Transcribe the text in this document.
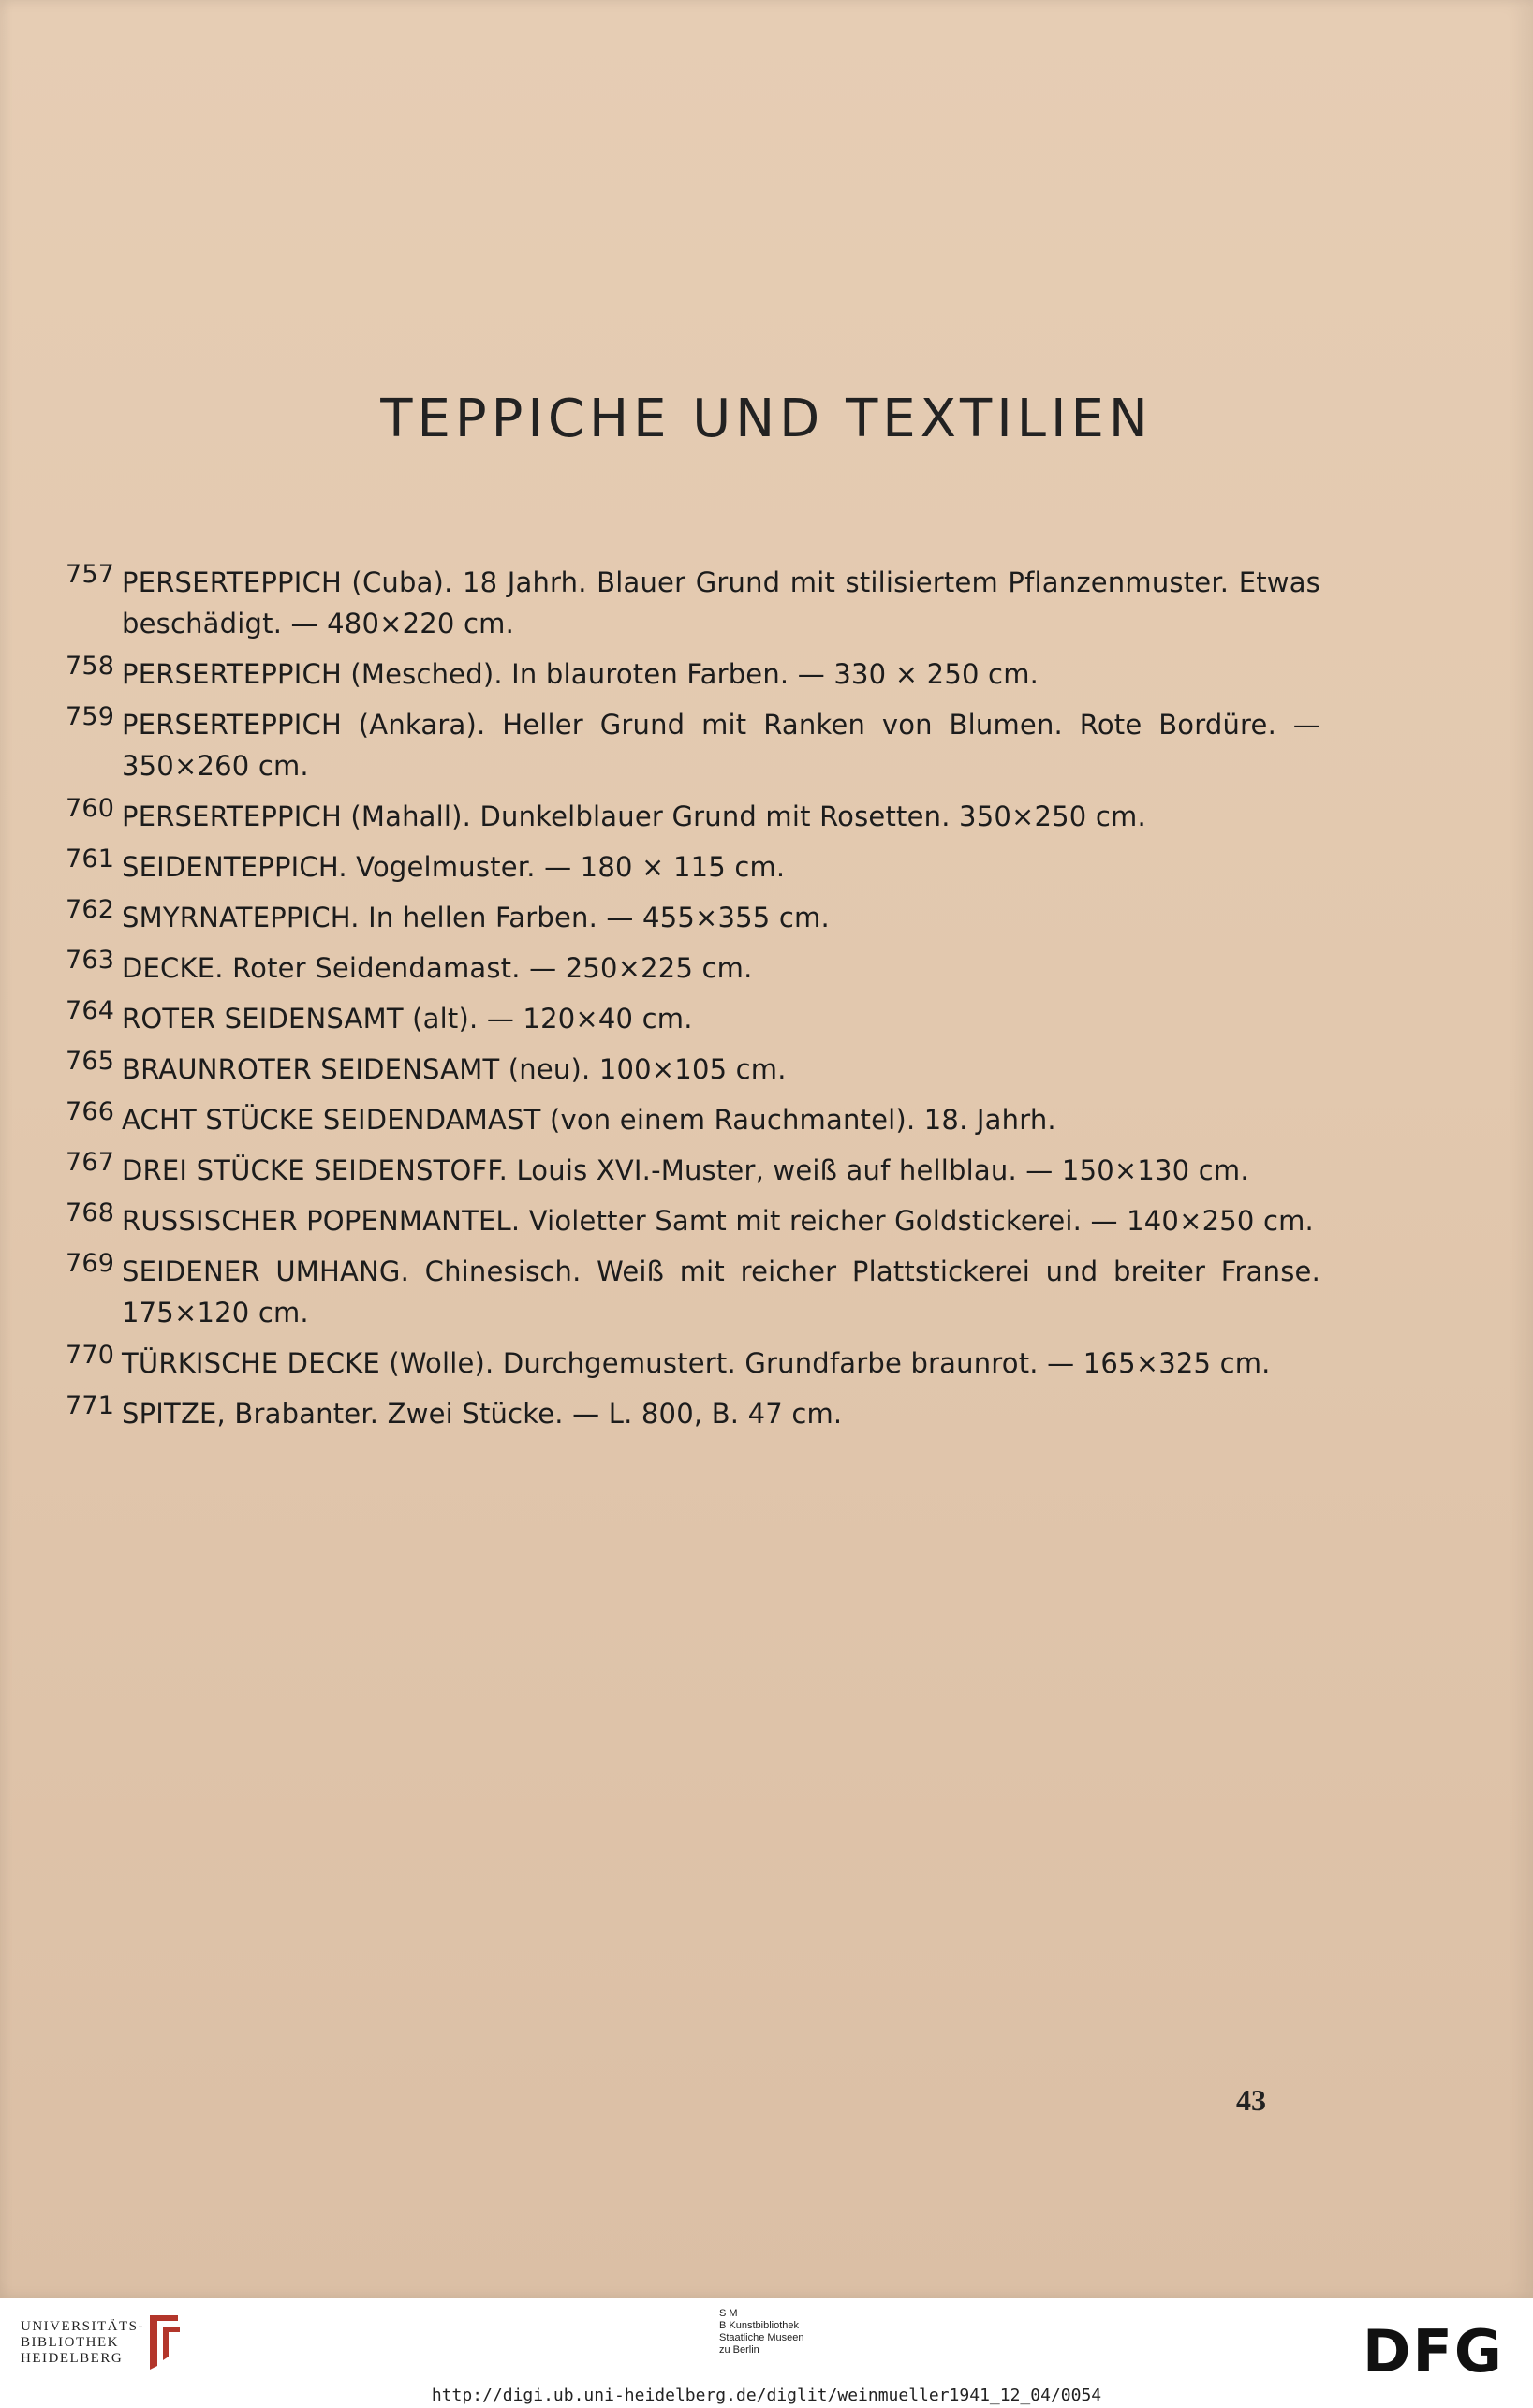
TEPPICHE UND TEXTILIEN
757 PERSERTEPPICH (Cuba). 18 Jahrh. Blauer Grund mit stilisiertem Pflanzenmuster. Etwas beschädigt. — 480×220 cm.
758 PERSERTEPPICH (Mesched). In blauroten Farben. — 330 × 250 cm.
759 PERSERTEPPICH (Ankara). Heller Grund mit Ranken von Blumen. Rote Bordüre. — 350×260 cm.
760 PERSERTEPPICH (Mahall). Dunkelblauer Grund mit Rosetten. 350×250 cm.
761 SEIDENTEPPICH. Vogelmuster. — 180 × 115 cm.
762 SMYRNATEPPICH. In hellen Farben. — 455×355 cm.
763 DECKE. Roter Seidendamast. — 250×225 cm.
764 ROTER SEIDENSAMT (alt). — 120×40 cm.
765 BRAUNROTER SEIDENSAMT (neu). 100×105 cm.
766 ACHT STÜCKE SEIDENDAMAST (von einem Rauchmantel). 18. Jahrh.
767 DREI STÜCKE SEIDENSTOFF. Louis XVI.-Muster, weiß auf hellblau. — 150×130 cm.
768 RUSSISCHER POPENMANTEL. Violetter Samt mit reicher Goldstickerei. — 140×250 cm.
769 SEIDENER UMHANG. Chinesisch. Weiß mit reicher Plattstickerei und breiter Franse. 175×120 cm.
770 TÜRKISCHE DECKE (Wolle). Durchgemustert. Grundfarbe braunrot. — 165×325 cm.
771 SPITZE, Brabanter. Zwei Stücke. — L. 800, B. 47 cm.
43
UNIVERSITÄTS-
BIBLIOTHEK
HEIDELBERG
S M
B Kunstbibliothek
Staatliche Museen
zu Berlin	DFG
http://digi.ub.uni-heidelberg.de/diglit/weinmueller1941_12_04/0054
